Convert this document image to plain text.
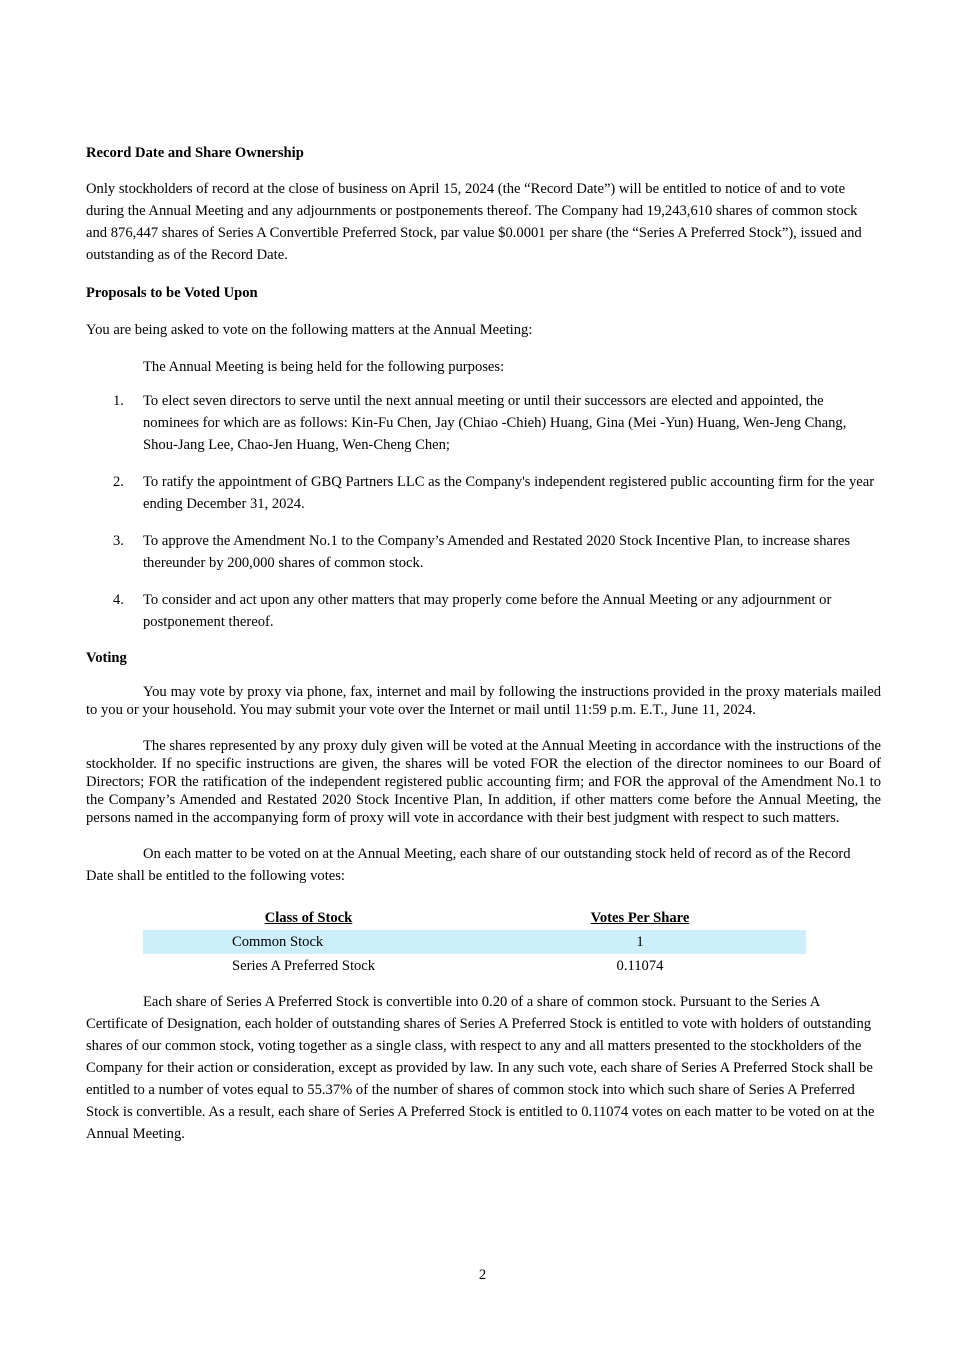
Record Date and Share Ownership

Only stockholders of record at the close of business on April 15, 2024 (the “Record Date”) will be entitled to notice of and to vote during the Annual Meeting and any adjournments or postponements thereof. The Company had 19,243,610 shares of common stock and 876,447 shares of Series A Convertible Preferred Stock, par value $0.0001 per share (the “Series A Preferred Stock”), issued and outstanding as of the Record Date.

Proposals to be Voted Upon

You are being asked to vote on the following matters at the Annual Meeting:

The Annual Meeting is being held for the following purposes:

1. To elect seven directors to serve until the next annual meeting or until their successors are elected and appointed, the nominees for which are as follows: Kin-Fu Chen, Jay (Chiao -Chieh) Huang, Gina (Mei -Yun) Huang, Wen-Jeng Chang, Shou-Jang Lee, Chao-Jen Huang, Wen-Cheng Chen;
2. To ratify the appointment of GBQ Partners LLC as the Company's independent registered public accounting firm for the year ending December 31, 2024.
3. To approve the Amendment No.1 to the Company’s Amended and Restated 2020 Stock Incentive Plan, to increase shares thereunder by 200,000 shares of common stock.
4. To consider and act upon any other matters that may properly come before the Annual Meeting or any adjournment or postponement thereof.

Voting

You may vote by proxy via phone, fax, internet and mail by following the instructions provided in the proxy materials mailed to you or your household. You may submit your vote over the Internet or mail until 11:59 p.m. E.T., June 11, 2024.

The shares represented by any proxy duly given will be voted at the Annual Meeting in accordance with the instructions of the stockholder. If no specific instructions are given, the shares will be voted FOR the election of the director nominees to our Board of Directors; FOR the ratification of the independent registered public accounting firm; and FOR the approval of the Amendment No.1 to the Company’s Amended and Restated 2020 Stock Incentive Plan, In addition, if other matters come before the Annual Meeting, the persons named in the accompanying form of proxy will vote in accordance with their best judgment with respect to such matters.

On each matter to be voted on at the Annual Meeting, each share of our outstanding stock held of record as of the Record Date shall be entitled to the following votes:

Class of Stock	Votes Per Share
Common Stock	1
Series A Preferred Stock	0.11074

Each share of Series A Preferred Stock is convertible into 0.20 of a share of common stock. Pursuant to the Series A Certificate of Designation, each holder of outstanding shares of Series A Preferred Stock is entitled to vote with holders of outstanding shares of our common stock, voting together as a single class, with respect to any and all matters presented to the stockholders of the Company for their action or consideration, except as provided by law. In any such vote, each share of Series A Preferred Stock shall be entitled to a number of votes equal to 55.37% of the number of shares of common stock into which such share of Series A Preferred Stock is convertible. As a result, each share of Series A Preferred Stock is entitled to 0.11074 votes on each matter to be voted on at the Annual Meeting.

2
